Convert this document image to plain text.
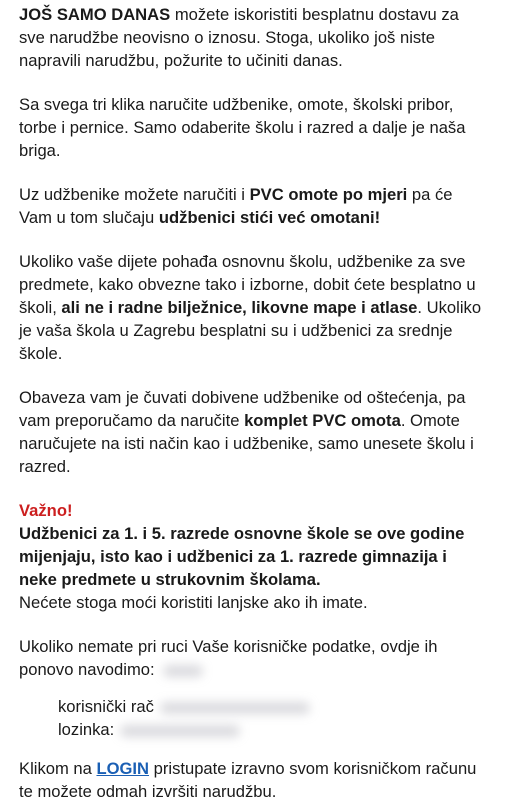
JOŠ SAMO DANAS možete iskoristiti besplatnu dostavu za sve narudžbe neovisno o iznosu. Stoga, ukoliko još niste napravili narudžbu, požurite to učiniti danas.

Sa svega tri klika naručite udžbenike, omote, školski pribor, torbe i pernice. Samo odaberite školu i razred a dalje je naša briga.

Uz udžbenike možete naručiti i PVC omote po mjeri pa će Vam u tom slučaju udžbenici stići već omotani!

Ukoliko vaše dijete pohađa osnovnu školu, udžbenike za sve predmete, kako obvezne tako i izborne, dobit ćete besplatno u školi, ali ne i radne bilježnice, likovne mape i atlase. Ukoliko je vaša škola u Zagrebu besplatni su i udžbenici za srednje škole.

Obaveza vam je čuvati dobivene udžbenike od oštećenja, pa vam preporučamo da naručite komplet PVC omota. Omote naručujete na isti način kao i udžbenike, samo unesete školu i razred.

Važno!
Udžbenici za 1. i 5. razrede osnovne škole se ove godine mijenjaju, isto kao i udžbenici za 1. razrede gimnazija i neke predmete u strukovnim školama.
Nećete stoga moći koristiti lanjske ako ih imate.

Ukoliko nemate pri ruci Vaše korisničke podatke, ovdje ih ponovo navodimo:

korisnič​ki rač
lozinka:

Klikom na LOGIN pristupate izravno svom korisničkom računu te možete odmah izvršiti narudžbu.
